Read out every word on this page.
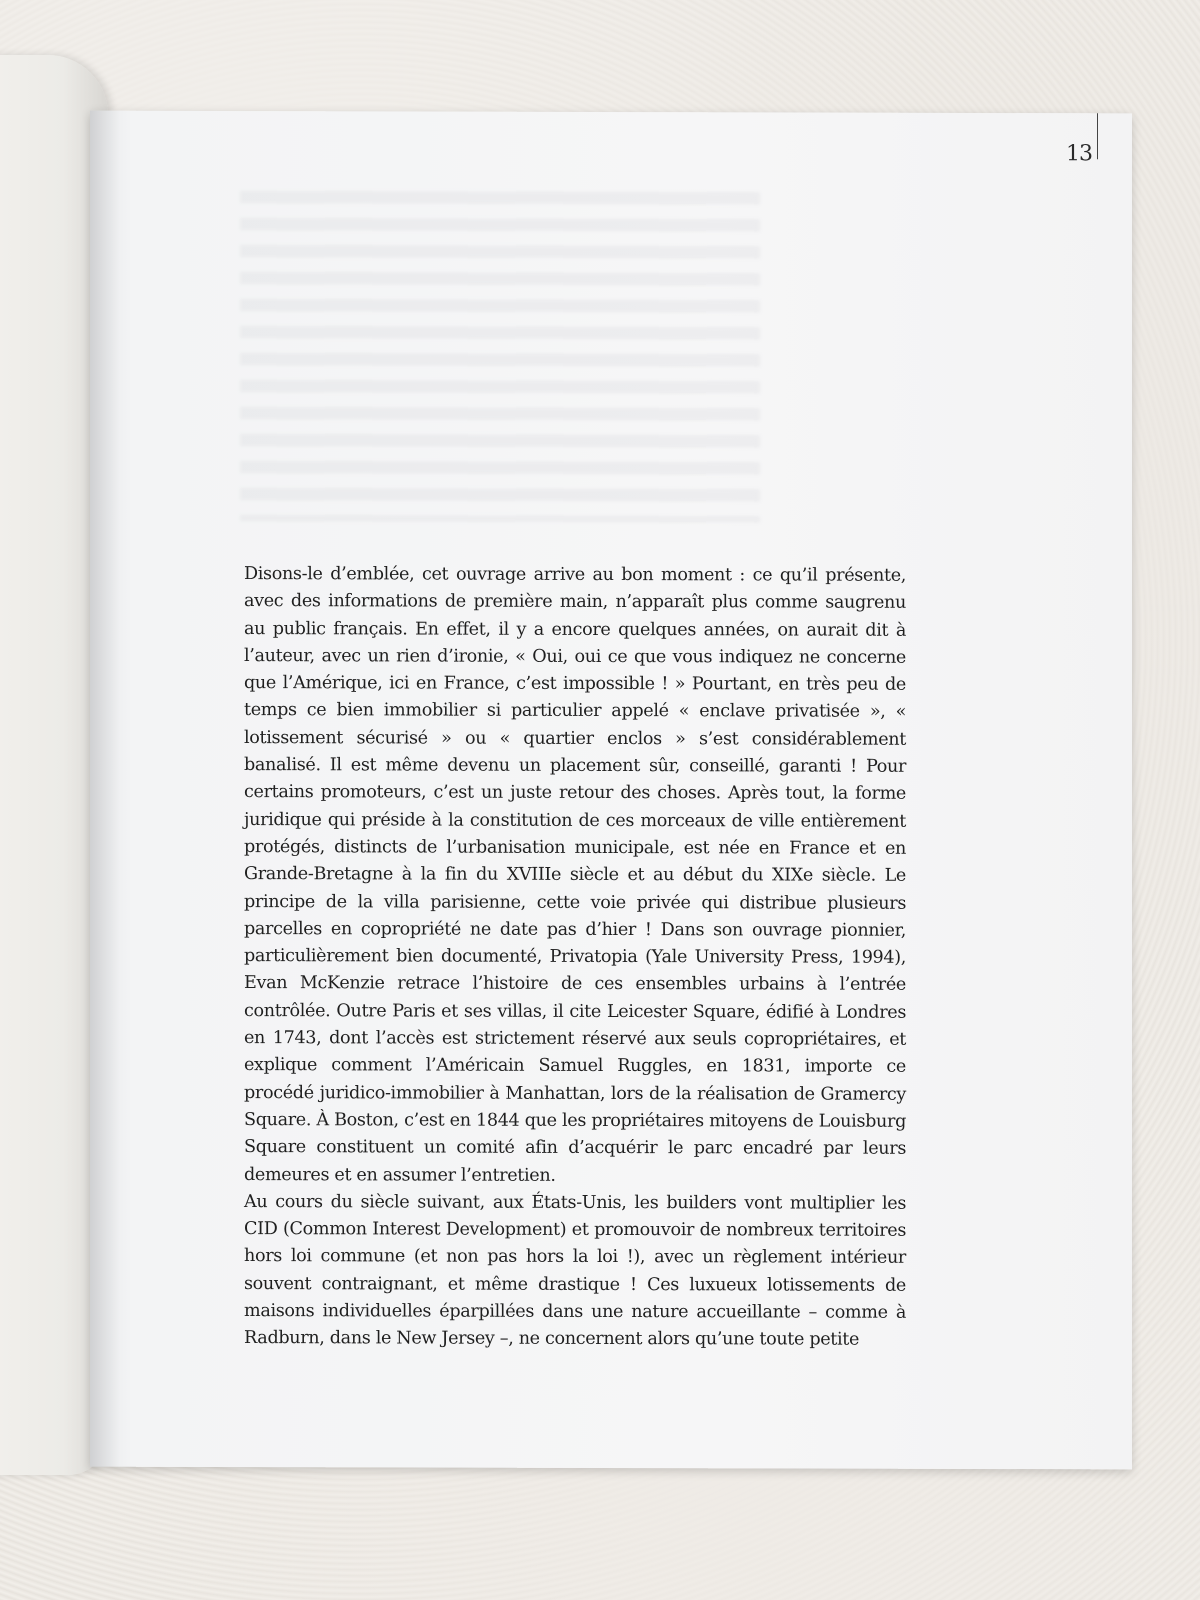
13

Disons-le d’emblée, cet ouvrage arrive au bon moment : ce qu’il présente, avec des informations de première main, n’apparaît plus comme saugrenu au public français. En effet, il y a encore quelques années, on aurait dit à l’auteur, avec un rien d’ironie, « Oui, oui ce que vous indiquez ne concerne que l’Amérique, ici en France, c’est impossible ! » Pourtant, en très peu de temps ce bien immobilier si particulier appelé « enclave privatisée », « lotissement sécurisé » ou « quartier enclos » s’est considérablement banalisé. Il est même devenu un placement sûr, conseillé, garanti ! Pour certains promoteurs, c’est un juste retour des choses. Après tout, la forme juridique qui préside à la constitution de ces morceaux de ville entièrement protégés, distincts de l’urbanisation municipale, est née en France et en Grande-Bretagne à la fin du XVIIIe siècle et au début du XIXe siècle. Le principe de la villa parisienne, cette voie privée qui distribue plusieurs parcelles en copropriété ne date pas d’hier ! Dans son ouvrage pionnier, particulièrement bien documenté, Privatopia (Yale University Press, 1994), Evan McKenzie retrace l’histoire de ces ensembles urbains à l’entrée contrôlée. Outre Paris et ses villas, il cite Leicester Square, édifié à Londres en 1743, dont l’accès est strictement réservé aux seuls copropriétaires, et explique comment l’Américain Samuel Ruggles, en 1831, importe ce procédé juridico-immobilier à Manhattan, lors de la réalisation de Gramercy Square. À Boston, c’est en 1844 que les propriétaires mitoyens de Louisburg Square constituent un comité afin d’acquérir le parc encadré par leurs demeures et en assumer l’entretien.

Au cours du siècle suivant, aux États-Unis, les builders vont multiplier les CID (Common Interest Development) et promouvoir de nombreux territoires hors loi commune (et non pas hors la loi !), avec un règlement intérieur souvent contraignant, et même drastique ! Ces luxueux lotissements de maisons individuelles éparpillées dans une nature accueillante – comme à Radburn, dans le New Jersey –, ne concernent alors qu’une toute petite
